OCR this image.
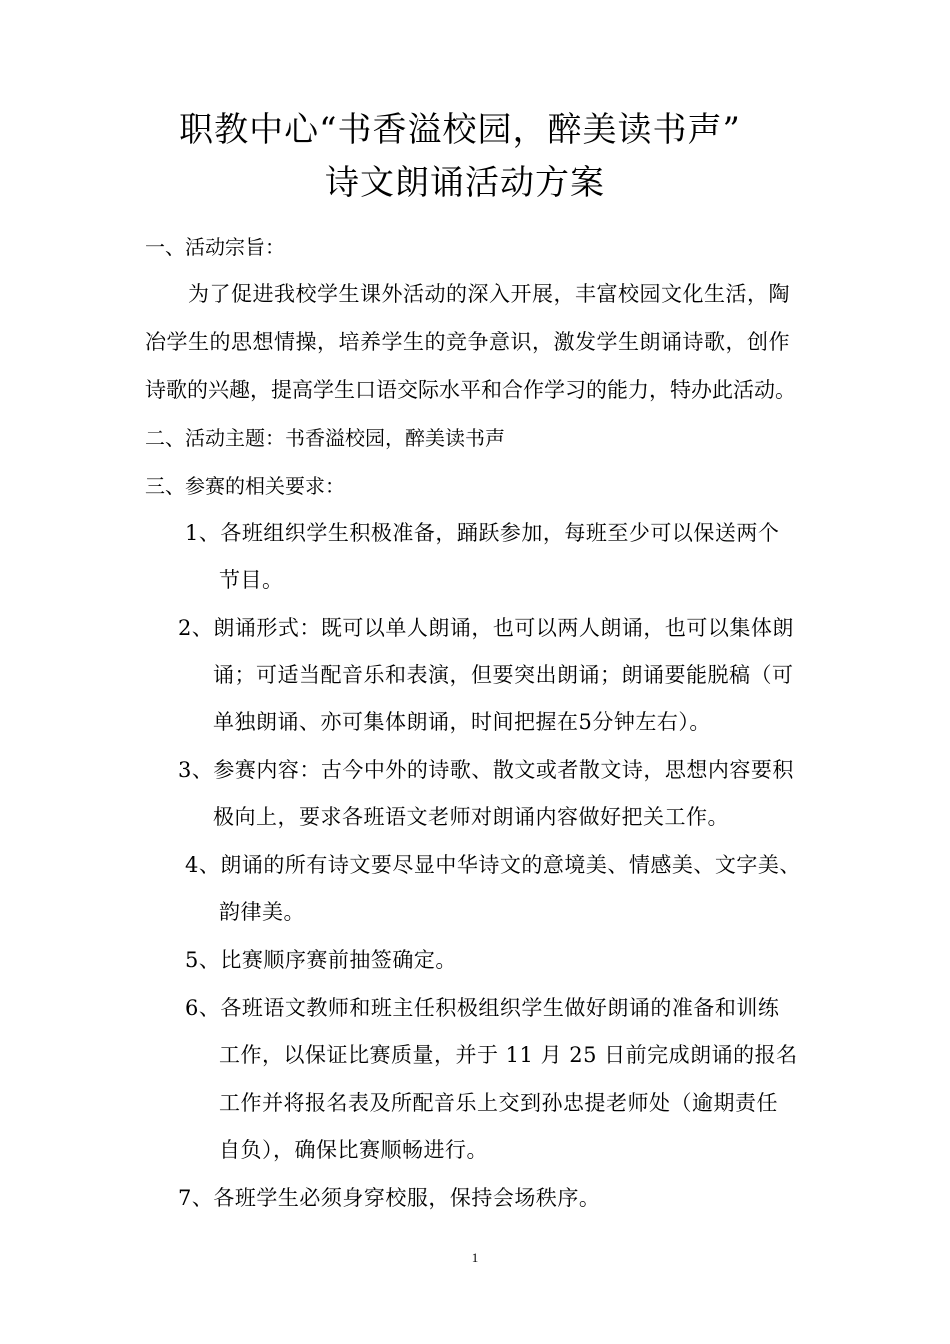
职教中心“书香溢校园，醉美读书声”
诗文朗诵活动方案
一、活动宗旨：
为了促进我校学生课外活动的深入开展，丰富校园文化生活，陶
冶学生的思想情操，培养学生的竞争意识，激发学生朗诵诗歌，创作
诗歌的兴趣，提高学生口语交际水平和合作学习的能力，特办此活动。
二、活动主题：书香溢校园，醉美读书声
三、参赛的相关要求：
1、各班组织学生积极准备，踊跃参加，每班至少可以保送两个
节目。
2、朗诵形式：既可以单人朗诵，也可以两人朗诵，也可以集体朗
诵；可适当配音乐和表演，但要突出朗诵；朗诵要能脱稿（可
单独朗诵、亦可集体朗诵，时间把握在5分钟左右）。
3、参赛内容：古今中外的诗歌、散文或者散文诗，思想内容要积
极向上，要求各班语文老师对朗诵内容做好把关工作。
4、朗诵的所有诗文要尽显中华诗文的意境美、情感美、文字美、
韵律美。
5、比赛顺序赛前抽签确定。
6、各班语文教师和班主任积极组织学生做好朗诵的准备和训练
工作，以保证比赛质量，并于 11 月 25 日前完成朗诵的报名
工作并将报名表及所配音乐上交到孙忠提老师处（逾期责任
自负），确保比赛顺畅进行。
7、各班学生必须身穿校服，保持会场秩序。
1
